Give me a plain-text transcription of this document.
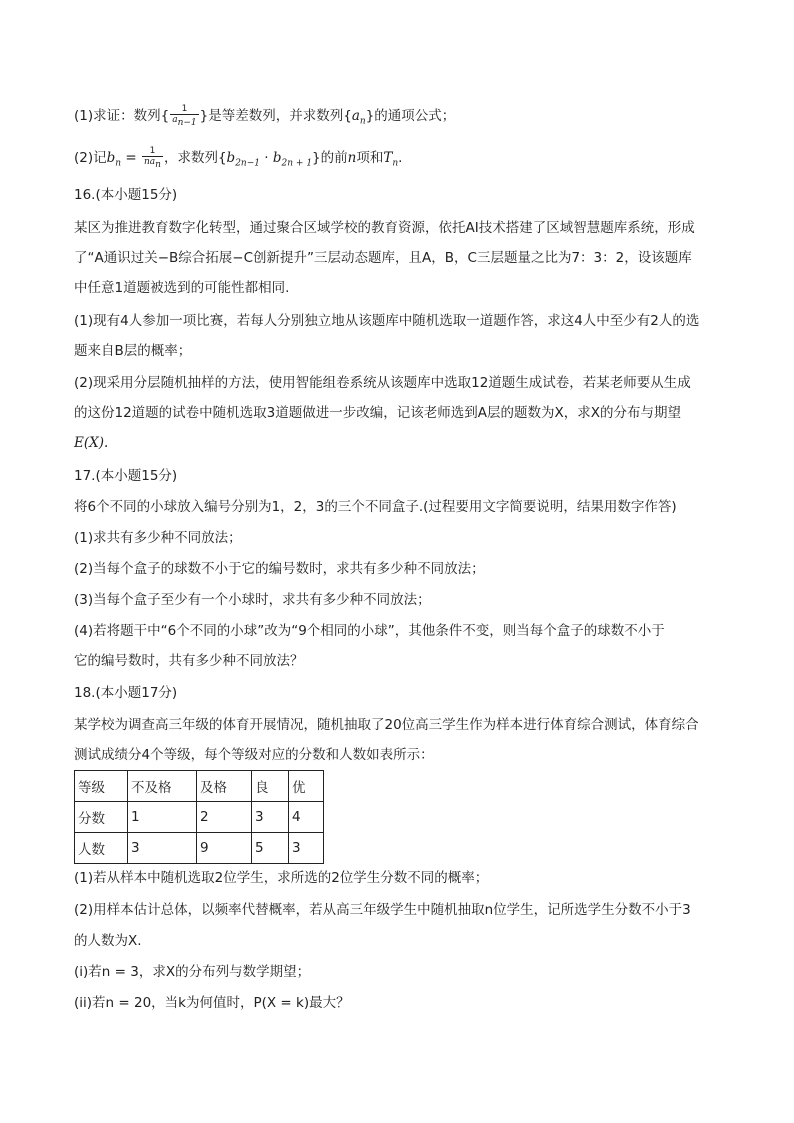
(1)求证：数列{ $\frac{1}{a_{n-1}}$ }是等差数列，并求数列$\{a_n\}$的通项公式；
(2)记$b_n = \frac{1}{na_n}$ ，求数列$\{b_{2n-1} \cdot b_{2n + 1}\}$的前n项和$T_n$.
16.(本小题15分)
某区为推进教育数字化转型，通过聚合区域学校的教育资源，依托AI技术搭建了区域智慧题库系统，形成
了“A通识过关−B综合拓展−C创新提升”三层动态题库，且A，B，C三层题量之比为7：3：2，设该题库
中任意1道题被选到的可能性都相同.
(1)现有4人参加一项比赛，若每人分别独立地从该题库中随机选取一道题作答，求这4人中至少有2人的选
题来自B层的概率；
(2)现采用分层随机抽样的方法，使用智能组卷系统从该题库中选取12道题生成试卷，若某老师要从生成
的这份12道题的试卷中随机选取3道题做进一步改编，记该老师选到A层的题数为X，求X的分布与期望
E(X).
17.(本小题15分)
将6个不同的小球放入编号分别为1，2，3的三个不同盒子.(过程要用文字简要说明，结果用数字作答)
(1)求共有多少种不同放法；
(2)当每个盒子的球数不小于它的编号数时，求共有多少种不同放法；
(3)当每个盒子至少有一个小球时，求共有多少种不同放法；
(4)若将题干中“6个不同的小球”改为“9个相同的小球”，其他条件不变，则当每个盒子的球数不小于
它的编号数时，共有多少种不同放法？
18.(本小题17分)
某学校为调查高三年级的体育开展情况，随机抽取了20位高三学生作为样本进行体育综合测试，体育综合
测试成绩分4个等级，每个等级对应的分数和人数如表所示：
等级	不及格	及格	良	优
分数	1	2	3	4
人数	3	9	5	3
(1)若从样本中随机选取2位学生，求所选的2位学生分数不同的概率；
(2)用样本估计总体，以频率代替概率，若从高三年级学生中随机抽取n位学生，记所选学生分数不小于3
的人数为X.
(i)若n = 3，求X的分布列与数学期望；
(ii)若n = 20，当k为何值时，P(X = k)最大？
